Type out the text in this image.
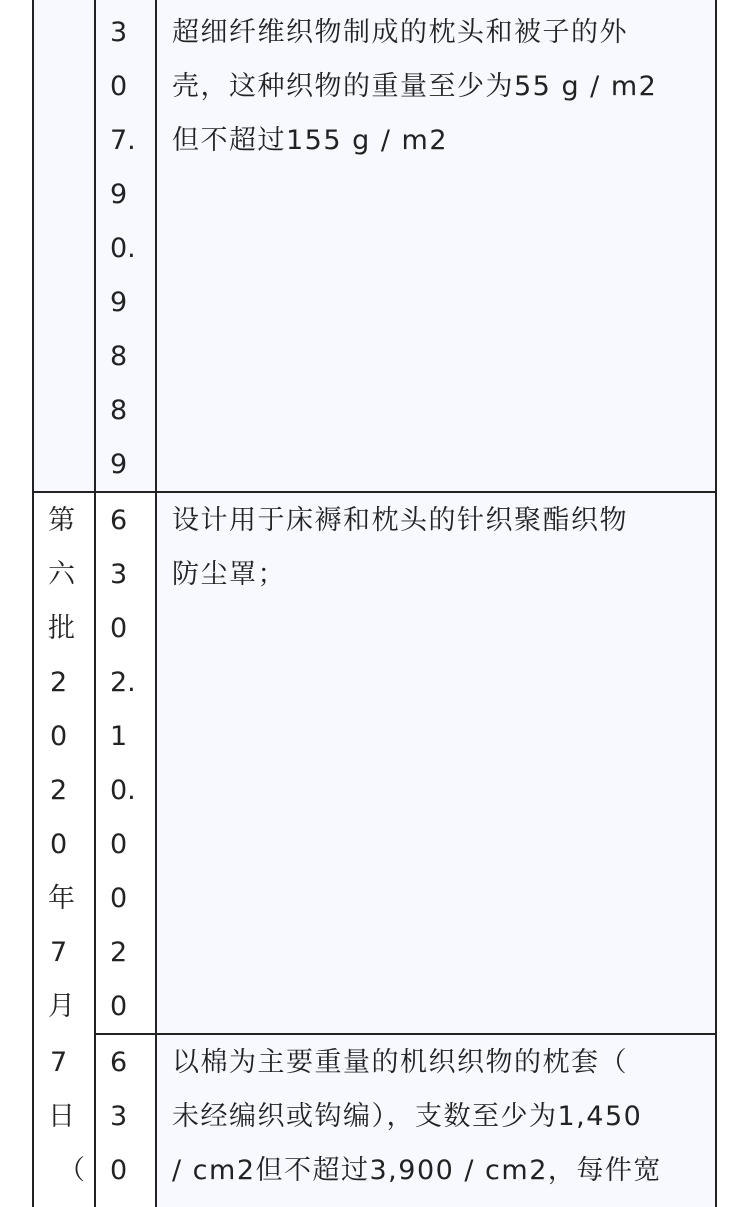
第
六
批
2
0
2
0
年
7
月
7
日
（
3
0
7.
9
0.
9
8
8
9
超细纤维织物制成的枕头和被子的外
壳，这种织物的重量至少为55 g / m2
但不超过155 g / m2
6
3
0
2.
1
0.
0
0
2
0
设计用于床褥和枕头的针织聚酯织物
防尘罩；
6
3
0
以棉为主要重量的机织织物的枕套（
未经编织或钩编），支数至少为1,450
/ cm2但不超过3,900 / cm2，每件宽
